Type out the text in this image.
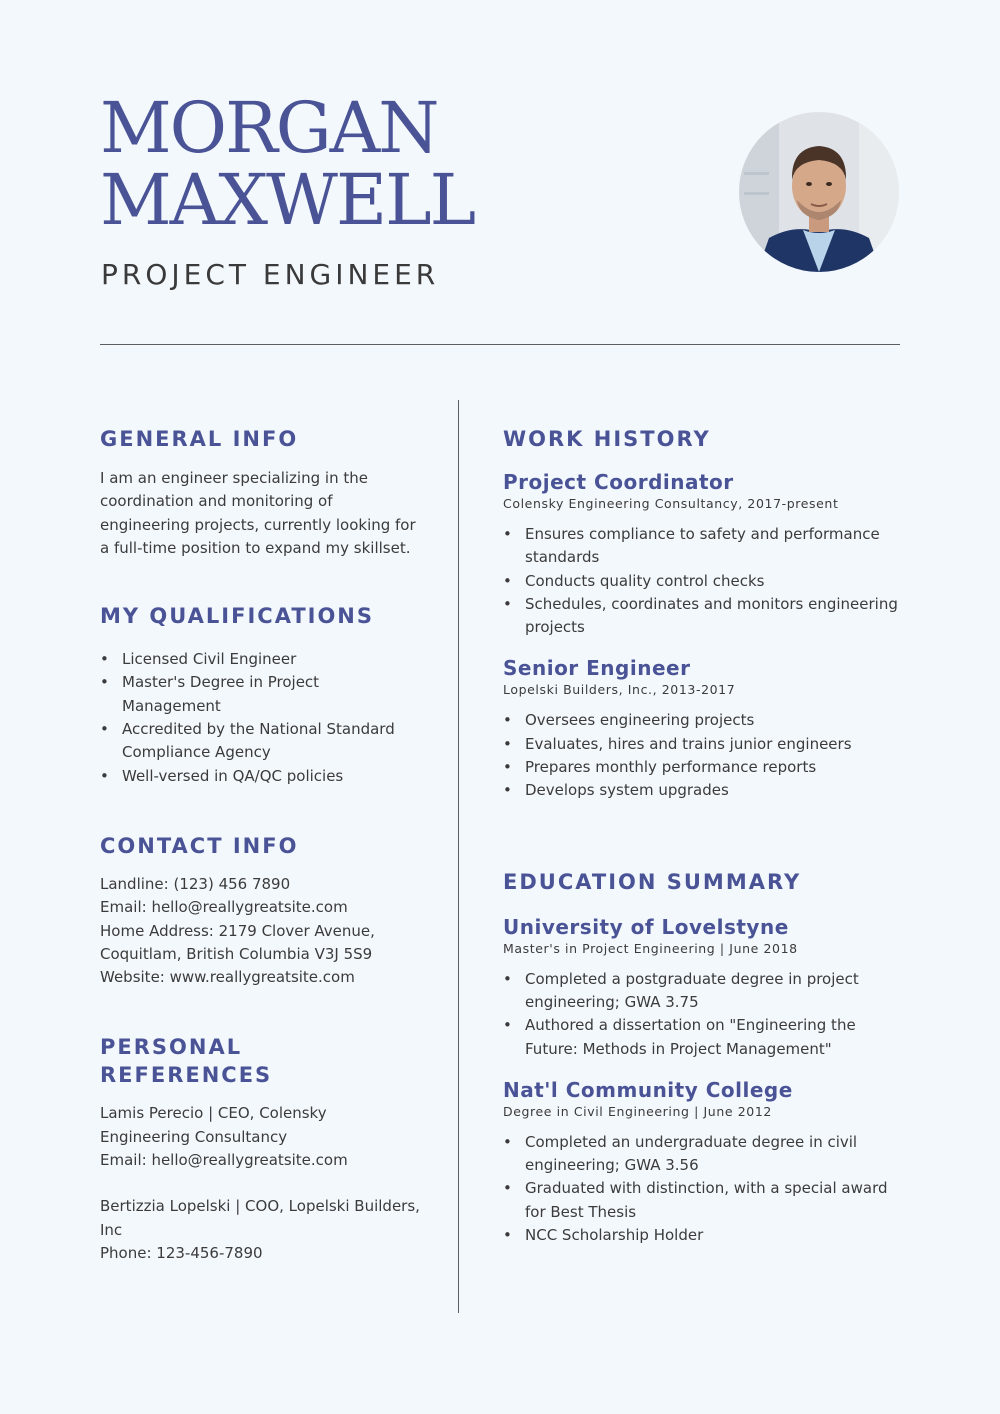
MORGAN
MAXWELL
PROJECT ENGINEER
GENERAL INFO

I am an engineer specializing in the coordination and monitoring of engineering projects, currently looking for a full-time position to expand my skillset.

MY QUALIFICATIONS
• Licensed Civil Engineer
• Master's Degree in Project Management
• Accredited by the National Standard Compliance Agency
• Well-versed in QA/QC policies
CONTACT INFO

Landline: (123) 456 7890

Email: hello@reallygreatsite.com

Home Address: 2179 Clover Avenue, Coquitlam, British Columbia V3J 5S9

Website: www.reallygreatsite.com

PERSONAL REFERENCES

Lamis Perecio | CEO, Colensky Engineering Consultancy

Email: hello@reallygreatsite.com

Bertizzia Lopelski | COO, Lopelski Builders, Inc

Phone: 123-456-7890

WORK HISTORY
Project Coordinator
Colensky Engineering Consultancy, 2017-present
• Ensures compliance to safety and performance standards
• Conducts quality control checks
• Schedules, coordinates and monitors engineering projects
Senior Engineer
Lopelski Builders, Inc., 2013-2017
• Oversees engineering projects
• Evaluates, hires and trains junior engineers
• Prepares monthly performance reports
• Develops system upgrades
EDUCATION SUMMARY
University of Lovelstyne
Master's in Project Engineering | June 2018
• Completed a postgraduate degree in project engineering; GWA 3.75
• Authored a dissertation on "Engineering the Future: Methods in Project Management"
Nat'l Community College
Degree in Civil Engineering | June 2012
• Completed an undergraduate degree in civil engineering; GWA 3.56
• Graduated with distinction, with a special award for Best Thesis
• NCC Scholarship Holder
